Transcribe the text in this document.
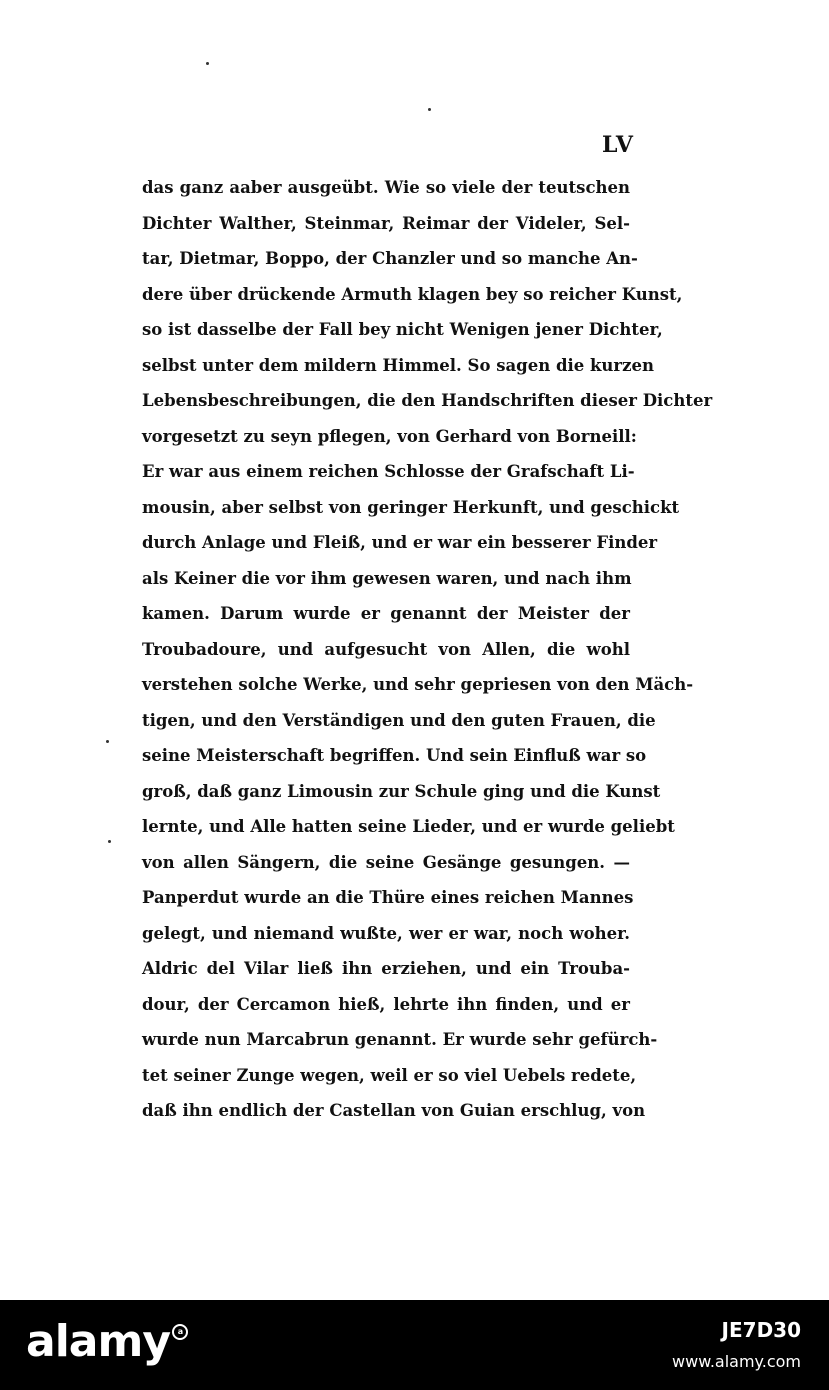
LV
das ganz aaber ausgeübt. Wie so viele der teutschen
Dichter Walther, Steinmar, Reimar der Videler, Sel-
tar, Dietmar, Boppo, der Chanzler und so manche An-
dere über drückende Armuth klagen bey so reicher Kunst,
so ist dasselbe der Fall bey nicht Wenigen jener Dichter,
selbst unter dem mildern Himmel. So sagen die kurzen
Lebensbeschreibungen, die den Handschriften dieser Dichter
vorgesetzt zu seyn pflegen, von Gerhard von Borneill:
Er war aus einem reichen Schlosse der Grafschaft Li-
mousin, aber selbst von geringer Herkunft, und geschickt
durch Anlage und Fleiß, und er war ein besserer Finder
als Keiner die vor ihm gewesen waren, und nach ihm
kamen. Darum wurde er genannt der Meister der
Troubadoure, und aufgesucht von Allen, die wohl
verstehen solche Werke, und sehr gepriesen von den Mäch-
tigen, und den Verständigen und den guten Frauen, die
seine Meisterschaft begriffen. Und sein Einfluß war so
groß, daß ganz Limousin zur Schule ging und die Kunst
lernte, und Alle hatten seine Lieder, und er wurde geliebt
von allen Sängern, die seine Gesänge gesungen. —
Panperdut wurde an die Thüre eines reichen Mannes
gelegt, und niemand wußte, wer er war, noch woher.
Aldric del Vilar ließ ihn erziehen, und ein Trouba-
dour, der Cercamon hieß, lehrte ihn finden, und er
wurde nun Marcabrun genannt. Er wurde sehr gefürch-
tet seiner Zunge wegen, weil er so viel Uebels redete,
daß ihn endlich der Castellan von Guian erschlug, von
alamy a	JE7D30
www.alamy.com
